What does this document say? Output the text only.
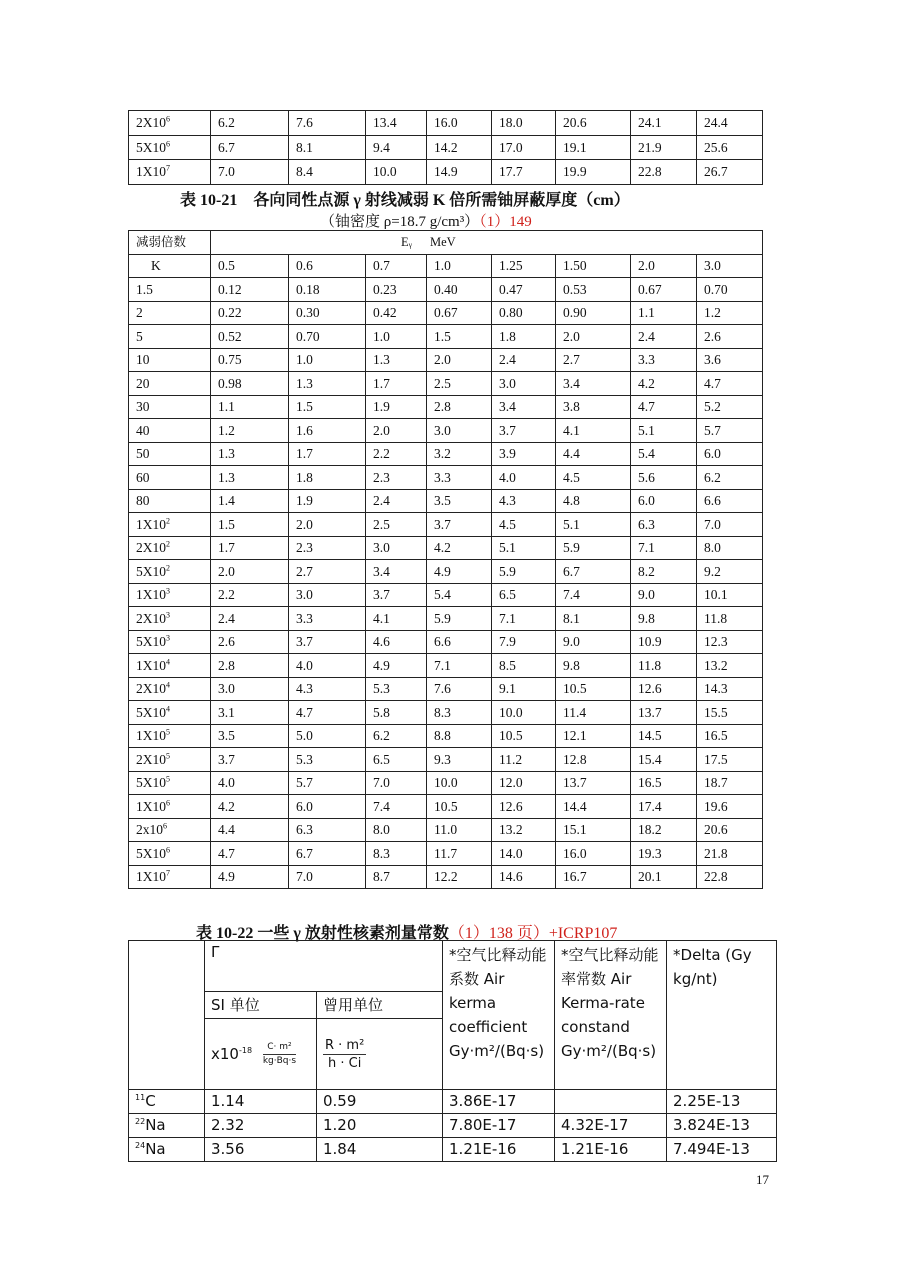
$2X10^6$	6.2	7.6	13.4	16.0	18.0	20.6	24.1	24.4
$5X10^6$	6.7	8.1	9.4	14.2	17.0	19.1	21.9	25.6
$1X10^7$	7.0	8.4	10.0	14.9	17.7	19.9	22.8	26.7
表 10-21　各向同性点源 γ 射线减弱 K 倍所需铀屏蔽厚度（cm）
（铀密度 ρ=18.7 g/cm³）（1）149
减弱倍数	Eᵧ MeV							

K	0.5	0.6	0.7	1.0	1.25	1.50	2.0	3.0
1.5	0.12	0.18	0.23	0.40	0.47	0.53	0.67	0.70
2	0.22	0.30	0.42	0.67	0.80	0.90	1.1	1.2
5	0.52	0.70	1.0	1.5	1.8	2.0	2.4	2.6
10	0.75	1.0	1.3	2.0	2.4	2.7	3.3	3.6
20	0.98	1.3	1.7	2.5	3.0	3.4	4.2	4.7
30	1.1	1.5	1.9	2.8	3.4	3.8	4.7	5.2
40	1.2	1.6	2.0	3.0	3.7	4.1	5.1	5.7
50	1.3	1.7	2.2	3.2	3.9	4.4	5.4	6.0
60	1.3	1.8	2.3	3.3	4.0	4.5	5.6	6.2
80	1.4	1.9	2.4	3.5	4.3	4.8	6.0	6.6
$1X10^2$	1.5	2.0	2.5	3.7	4.5	5.1	6.3	7.0
$2X10^2$	1.7	2.3	3.0	4.2	5.1	5.9	7.1	8.0
$5X10^2$	2.0	2.7	3.4	4.9	5.9	6.7	8.2	9.2
$1X10^3$	2.2	3.0	3.7	5.4	6.5	7.4	9.0	10.1
$2X10^3$	2.4	3.3	4.1	5.9	7.1	8.1	9.8	11.8
$5X10^3$	2.6	3.7	4.6	6.6	7.9	9.0	10.9	12.3
$1X10^4$	2.8	4.0	4.9	7.1	8.5	9.8	11.8	13.2
$2X10^4$	3.0	4.3	5.3	7.6	9.1	10.5	12.6	14.3
$5X10^4$	3.1	4.7	5.8	8.3	10.0	11.4	13.7	15.5
$1X10^5$	3.5	5.0	6.2	8.8	10.5	12.1	14.5	16.5
$2X10^5$	3.7	5.3	6.5	9.3	11.2	12.8	15.4	17.5
$5X10^5$	4.0	5.7	7.0	10.0	12.0	13.7	16.5	18.7
$1X10^6$	4.2	6.0	7.4	10.5	12.6	14.4	17.4	19.6
$2x10^6$	4.4	6.3	8.0	11.0	13.2	15.1	18.2	20.6
$5X10^6$	4.7	6.7	8.3	11.7	14.0	16.0	19.3	21.8
$1X10^7$	4.9	7.0	8.7	12.2	14.6	16.7	20.1	22.8
表 10-22 一些 γ 放射性核素剂量常数（1）138 页）+ICRP107
	Γ		*空气比释动能系数 Air kerma coefficient Gy·m²/(Bq·s)	*空气比释动能率常数 Air Kerma-rate constand Gy·m²/(Bq·s)	*Delta (Gy kg/nt)
	SI 单位	曾用单位			
	$x10^{-18} \frac{\text{C· m²}}{kg\cdot Bq\cdot s}$	$\frac{\text{R · m²}}{h \cdot Ci}$

$^{11}$C	1.14	0.59	3.86E-17		2.25E-13
$^{22}$Na	2.32	1.20	7.80E-17	4.32E-17	3.824E-13
$^{24}$Na	3.56	1.84	1.21E-16	1.21E-16	7.494E-13
17
